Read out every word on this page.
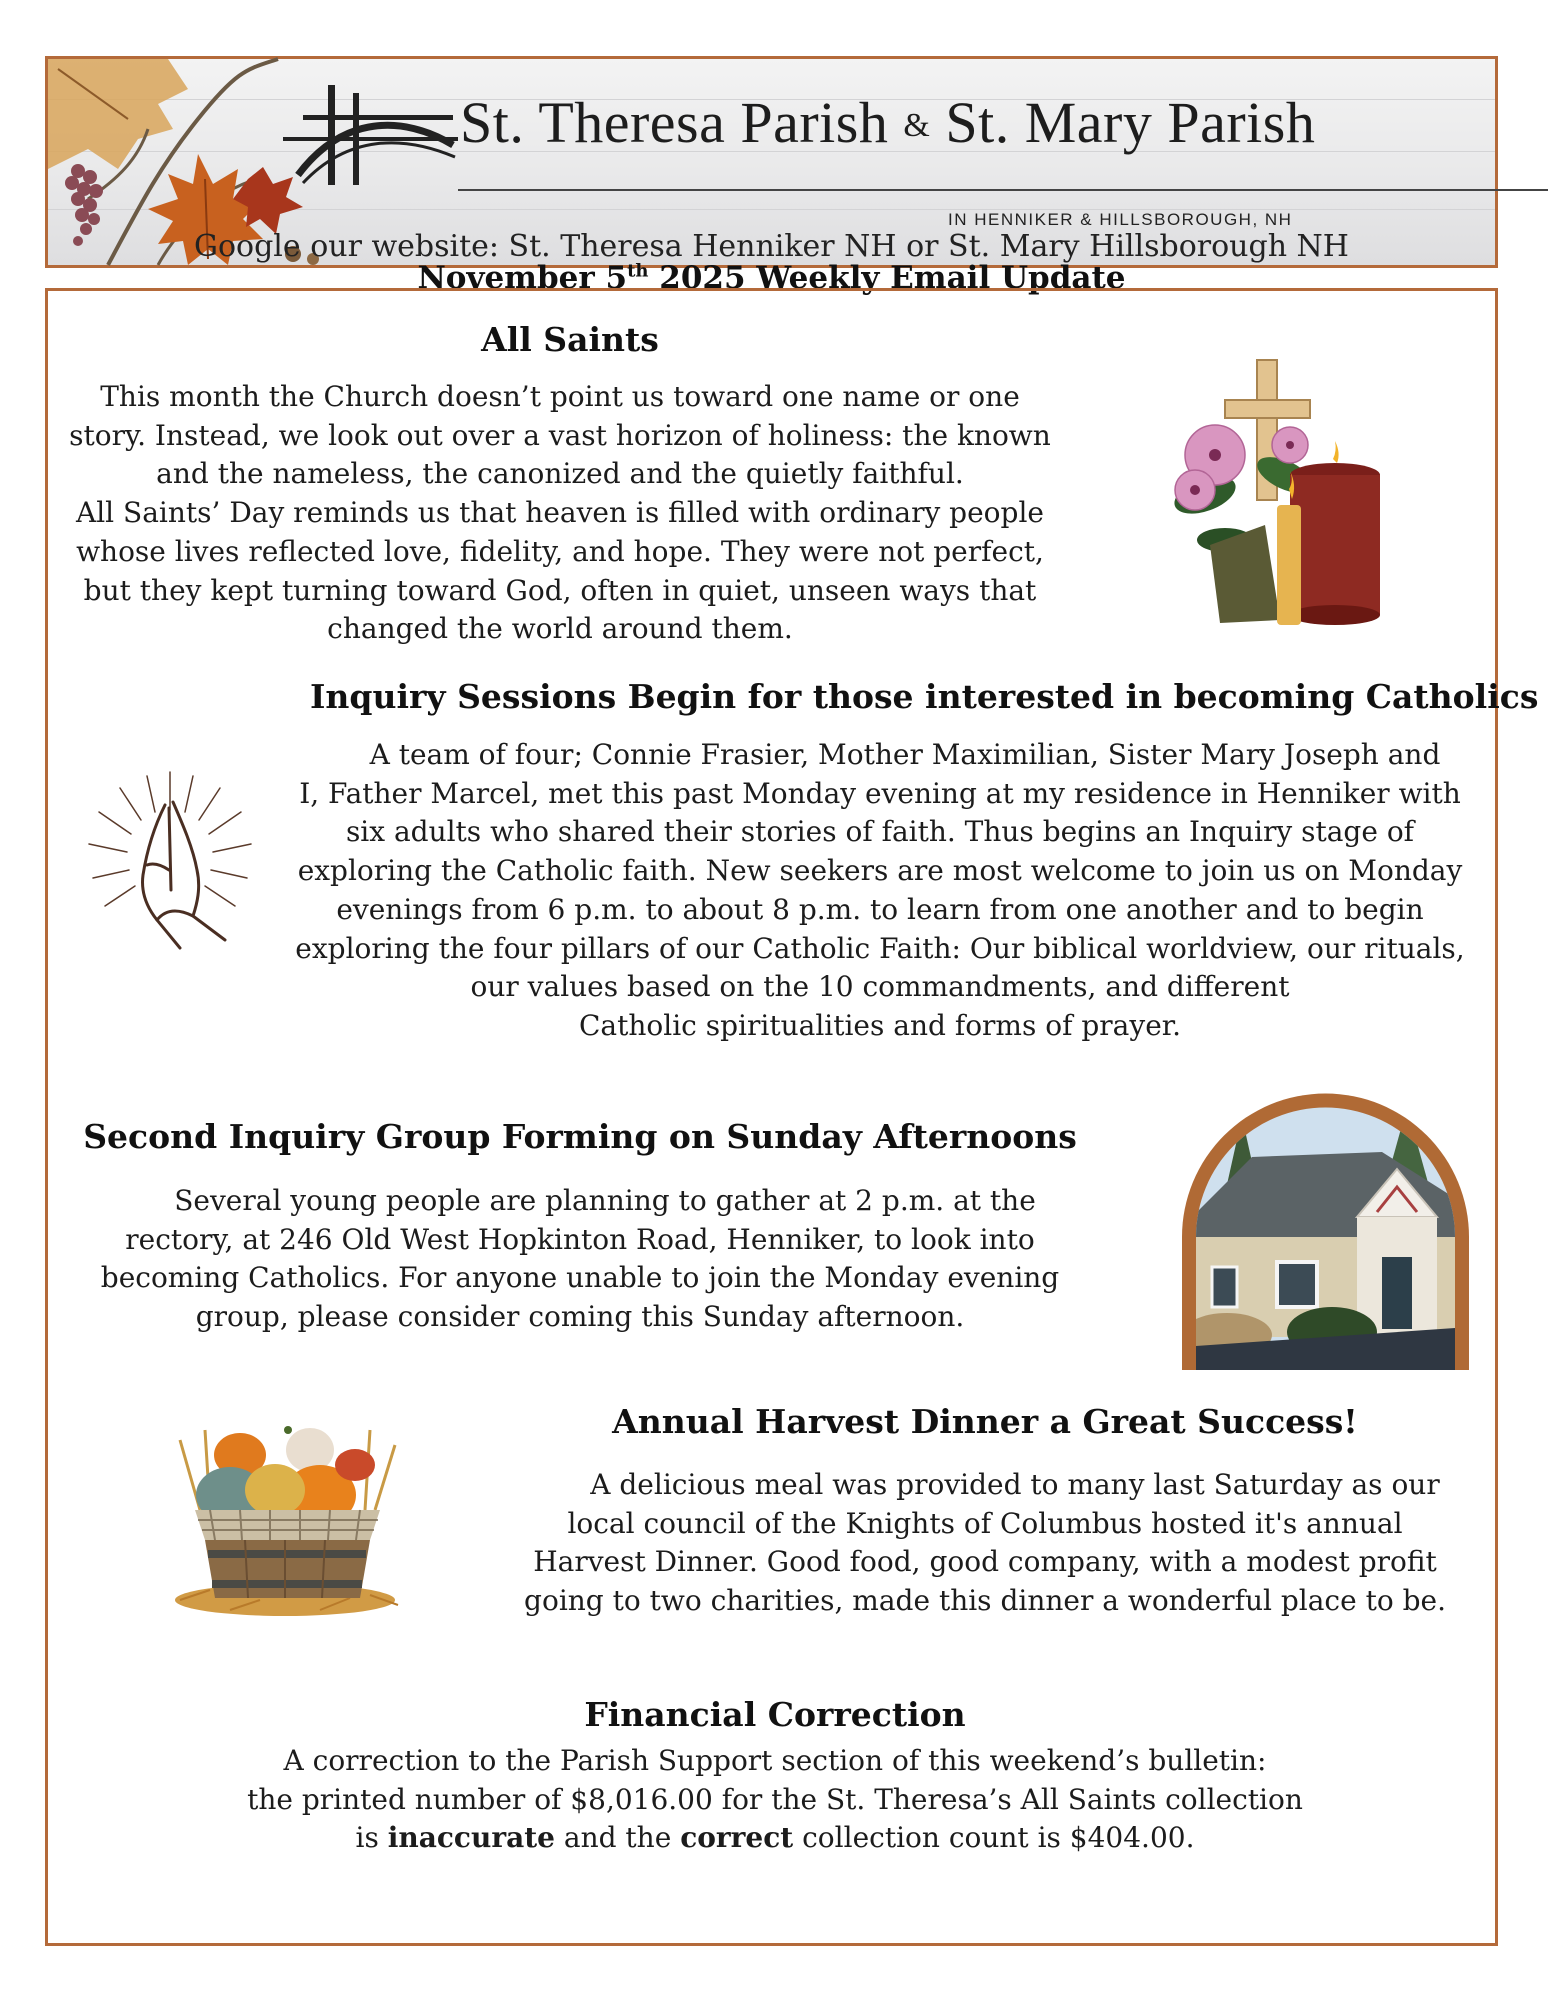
St. Theresa Parish & St. Mary Parish
IN HENNIKER & HILLSBOROUGH, NH
Google our website: St. Theresa Henniker NH or St. Mary Hillsborough NH
November 5th 2025 Weekly Email Update
All Saints
This month the Church doesn’t point us toward one name or one
story. Instead, we look out over a vast horizon of holiness: the known
and the nameless, the canonized and the quietly faithful.
All Saints’ Day reminds us that heaven is filled with ordinary people
whose lives reflected love, fidelity, and hope. They were not perfect,
but they kept turning toward God, often in quiet, unseen ways that
changed the world around them.
Inquiry Sessions Begin for those interested in becoming Catholics
A team of four; Connie Frasier, Mother Maximilian, Sister Mary Joseph and
I, Father Marcel, met this past Monday evening at my residence in Henniker with
six adults who shared their stories of faith. Thus begins an Inquiry stage of
exploring the Catholic faith. New seekers are most welcome to join us on Monday
evenings from 6 p.m. to about 8 p.m. to learn from one another and to begin
exploring the four pillars of our Catholic Faith: Our biblical worldview, our rituals,
our values based on the 10 commandments, and different
Catholic spiritualities and forms of prayer.
Second Inquiry Group Forming on Sunday Afternoons
Several young people are planning to gather at 2 p.m. at the
rectory, at 246 Old West Hopkinton Road, Henniker, to look into
becoming Catholics. For anyone unable to join the Monday evening
group, please consider coming this Sunday afternoon.
Annual Harvest Dinner a Great Success!
A delicious meal was provided to many last Saturday as our
local council of the Knights of Columbus hosted it's annual
Harvest Dinner. Good food, good company, with a modest profit
going to two charities, made this dinner a wonderful place to be.
Financial Correction
A correction to the Parish Support section of this weekend’s bulletin:
the printed number of $8,016.00 for the St. Theresa’s All Saints collection
is inaccurate and the correct collection count is $404.00.
